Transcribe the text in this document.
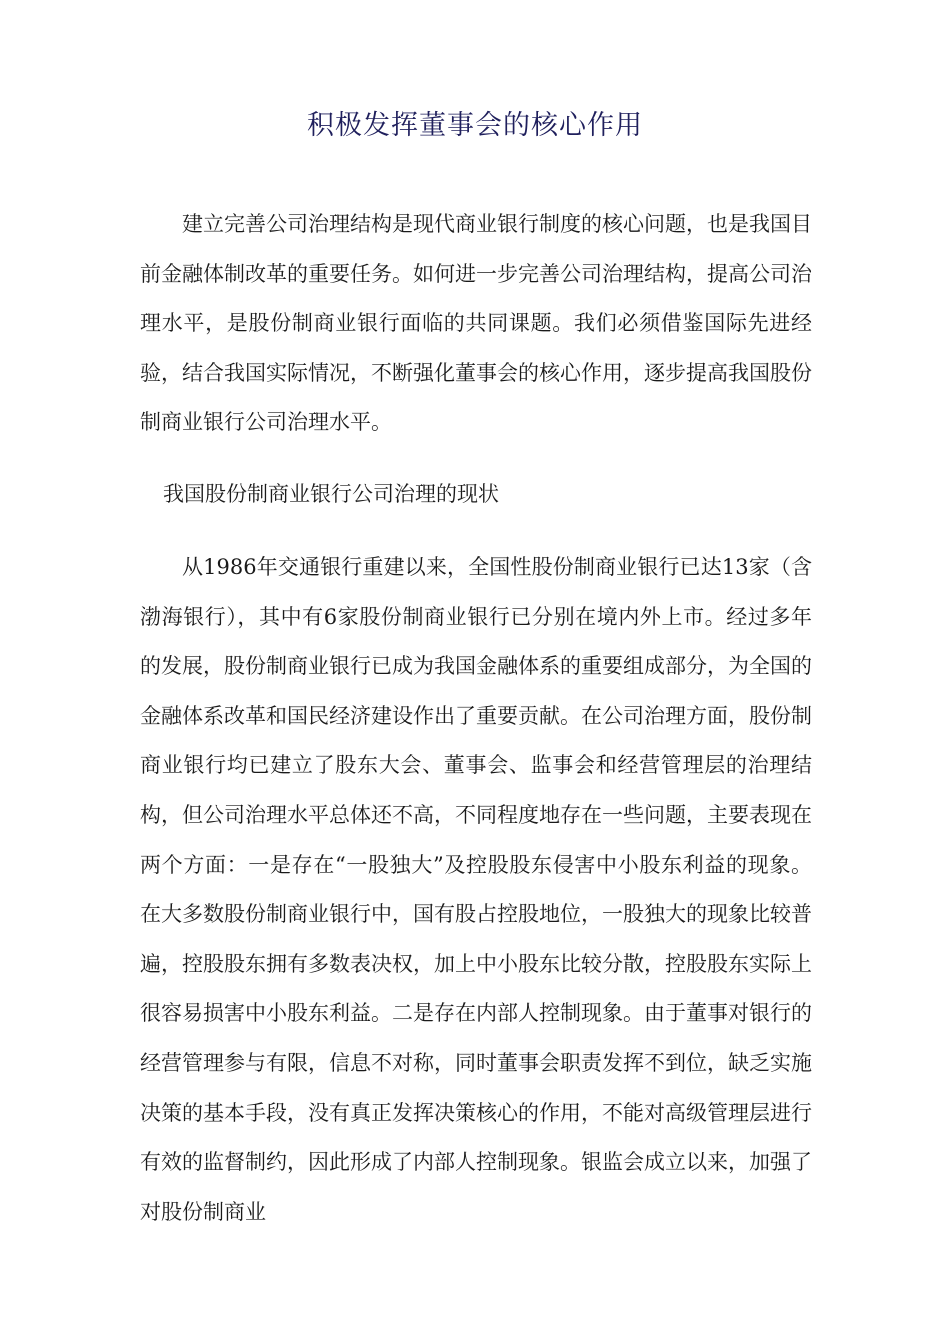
积极发挥董事会的核心作用

建立完善公司治理结构是现代商业银行制度的核心问题，也是我国目前金融体制改革的重要任务。如何进一步完善公司治理结构，提高公司治理水平，是股份制商业银行面临的共同课题。我们必须借鉴国际先进经验，结合我国实际情况，不断强化董事会的核心作用，逐步提高我国股份制商业银行公司治理水平。

我国股份制商业银行公司治理的现状

从1986年交通银行重建以来，全国性股份制商业银行已达13家（含渤海银行），其中有6家股份制商业银行已分别在境内外上市。经过多年的发展，股份制商业银行已成为我国金融体系的重要组成部分，为全国的金融体系改革和国民经济建设作出了重要贡献。在公司治理方面，股份制商业银行均已建立了股东大会、董事会、监事会和经营管理层的治理结构，但公司治理水平总体还不高，不同程度地存在一些问题，主要表现在两个方面：一是存在“一股独大”及控股股东侵害中小股东利益的现象。在大多数股份制商业银行中，国有股占控股地位，一股独大的现象比较普遍，控股股东拥有多数表决权，加上中小股东比较分散，控股股东实际上很容易损害中小股东利益。二是存在内部人控制现象。由于董事对银行的经营管理参与有限，信息不对称，同时董事会职责发挥不到位，缺乏实施决策的基本手段，没有真正发挥决策核心的作用，不能对高级管理层进行有效的监督制约，因此形成了内部人控制现象。银监会成立以来，加强了对股份制商业
